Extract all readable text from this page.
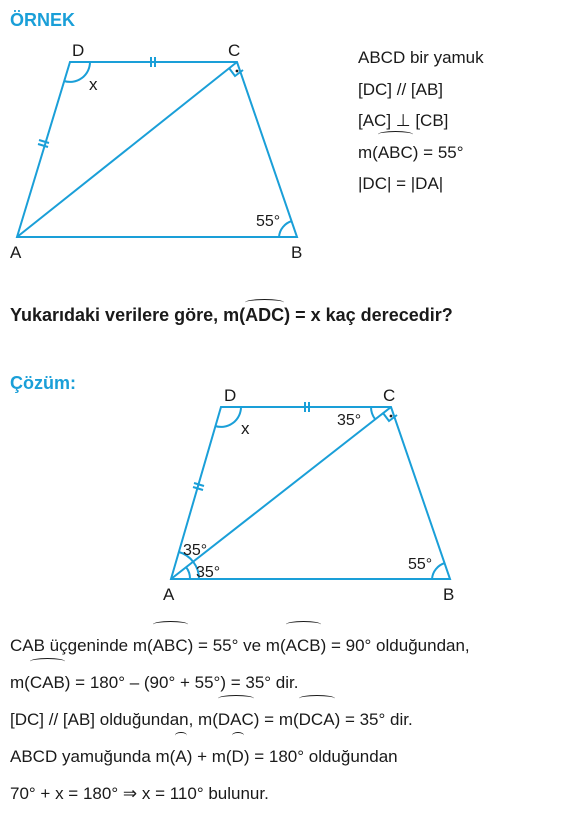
ÖRNEK
D	C
A	B
x
55°
ABCD bir yamuk
[DC] // [AB]
[AC] ⊥ [CB]
m(ABC) = 55°
|DC| = |DA|
Yukarıdaki verilere göre, m(ADC) = x kaç derecedir?
Çözüm:
D	C
A	B
x	35°
35°
35°	55°
CAB üçgeninde m(ABC) = 55° ve m(ACB) = 90° olduğundan,
m(CAB) = 180° – (90° + 55°) = 35° dir.
[DC] // [AB] olduğundan, m(DAC) = m(DCA) = 35° dir.
ABCD yamuğunda m(A) + m(D) = 180° olduğundan
70° + x = 180° ⇒ x = 110° bulunur.
